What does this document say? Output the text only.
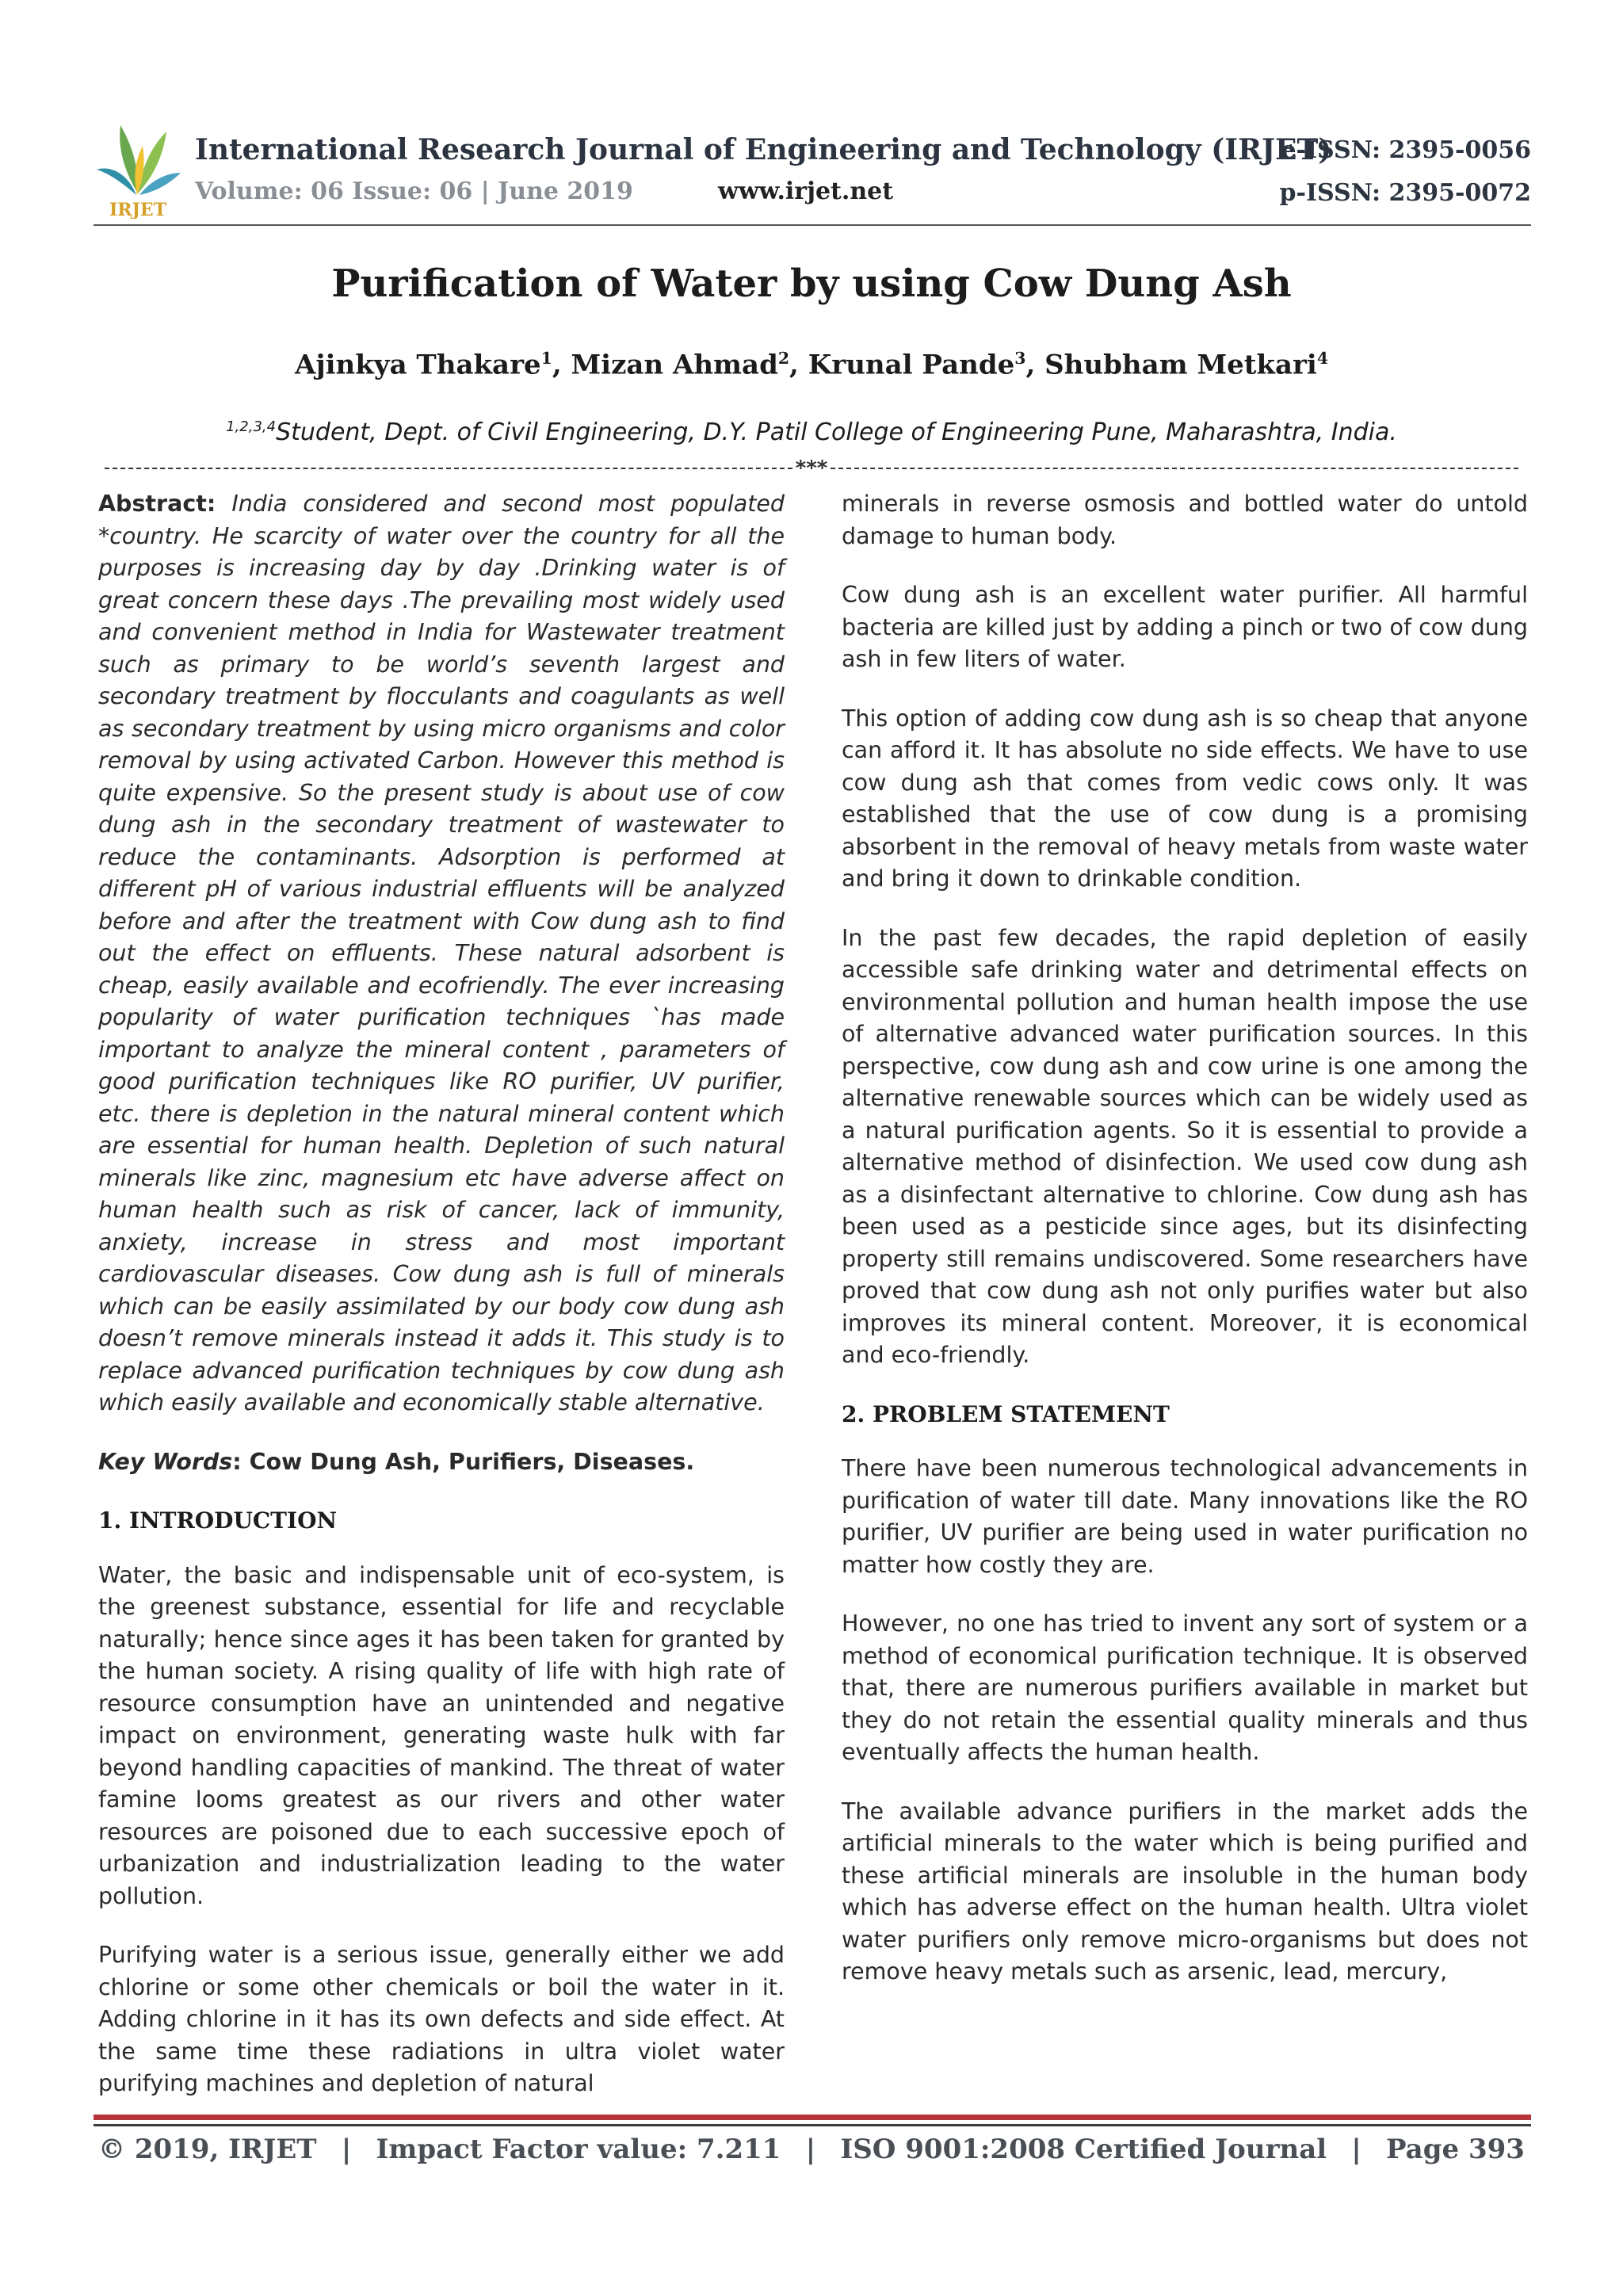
IRJET
International Research Journal of Engineering and Technology (IRJET)
Volume: 06 Issue: 06 | June 2019	www.irjet.net
e-ISSN: 2395-0056
p-ISSN: 2395-0072
Purification of Water by using Cow Dung Ash
Ajinkya Thakare$^1$, Mizan Ahmad$^2$, Krunal Pande$^3$, Shubham Metkari$^4$
$^{1,2,3,4}$Student, Dept. of Civil Engineering, D.Y. Patil College of Engineering Pune, Maharashtra, India.
***

Abstract: India considered and second most populated *country. He scarcity of water over the country for all the purposes is increasing day by day .Drinking water is of great concern these days .The prevailing most widely used and convenient method in India for Wastewater treatment such as primary to be world’s seventh largest and secondary treatment by flocculants and coagulants as well as secondary treatment by using micro organisms and color removal by using activated Carbon. However this method is quite expensive. So the present study is about use of cow dung ash in the secondary treatment of wastewater to reduce the contaminants. Adsorption is performed at different pH of various industrial effluents will be analyzed before and after the treatment with Cow dung ash to find out the effect on effluents. These natural adsorbent is cheap, easily available and ecofriendly. The ever increasing popularity of water purification techniques `has made important to analyze the mineral content , parameters of good purification techniques like RO purifier, UV purifier, etc. there is depletion in the natural mineral content which are essential for human health. Depletion of such natural minerals like zinc, magnesium etc have adverse affect on human health such as risk of cancer, lack of immunity, anxiety, increase in stress and most important cardiovascular diseases. Cow dung ash is full of minerals which can be easily assimilated by our body cow dung ash doesn’t remove minerals instead it adds it. This study is to replace advanced purification techniques by cow dung ash which easily available and economically stable alternative.

Key Words: Cow Dung Ash, Purifiers, Diseases.

1. INTRODUCTION

Water, the basic and indispensable unit of eco-system, is the greenest substance, essential for life and recyclable naturally; hence since ages it has been taken for granted by the human society. A rising quality of life with high rate of resource consumption have an unintended and negative impact on environment, generating waste hulk with far beyond handling capacities of mankind. The threat of water famine looms greatest as our rivers and other water resources are poisoned due to each successive epoch of urbanization and industrialization leading to the water pollution.

Purifying water is a serious issue, generally either we add chlorine or some other chemicals or boil the water in it. Adding chlorine in it has its own defects and side effect. At the same time these radiations in ultra violet water purifying machines and depletion of natural

minerals in reverse osmosis and bottled water do untold damage to human body.

Cow dung ash is an excellent water purifier. All harmful bacteria are killed just by adding a pinch or two of cow dung ash in few liters of water.

This option of adding cow dung ash is so cheap that anyone can afford it. It has absolute no side effects. We have to use cow dung ash that comes from vedic cows only. It was established that the use of cow dung is a promising absorbent in the removal of heavy metals from waste water and bring it down to drinkable condition.

In the past few decades, the rapid depletion of easily accessible safe drinking water and detrimental effects on environmental pollution and human health impose the use of alternative advanced water purification sources. In this perspective, cow dung ash and cow urine is one among the alternative renewable sources which can be widely used as a natural purification agents. So it is essential to provide a alternative method of disinfection. We used cow dung ash as a disinfectant alternative to chlorine. Cow dung ash has been used as a pesticide since ages, but its disinfecting property still remains undiscovered. Some researchers have proved that cow dung ash not only purifies water but also improves its mineral content. Moreover, it is economical and eco-friendly.

2. PROBLEM STATEMENT

There have been numerous technological advancements in purification of water till date. Many innovations like the RO purifier, UV purifier are being used in water purification no matter how costly they are.

However, no one has tried to invent any sort of system or a method of economical purification technique. It is observed that, there are numerous purifiers available in market but they do not retain the essential quality minerals and thus eventually affects the human health.

The available advance purifiers in the market adds the artificial minerals to the water which is being purified and these artificial minerals are insoluble in the human body which has adverse effect on the human health. Ultra violet water purifiers only remove micro-organisms but does not remove heavy metals such as arsenic, lead, mercury,

© 2019, IRJET | Impact Factor value: 7.211 | ISO 9001:2008 Certified Journal | Page 393
